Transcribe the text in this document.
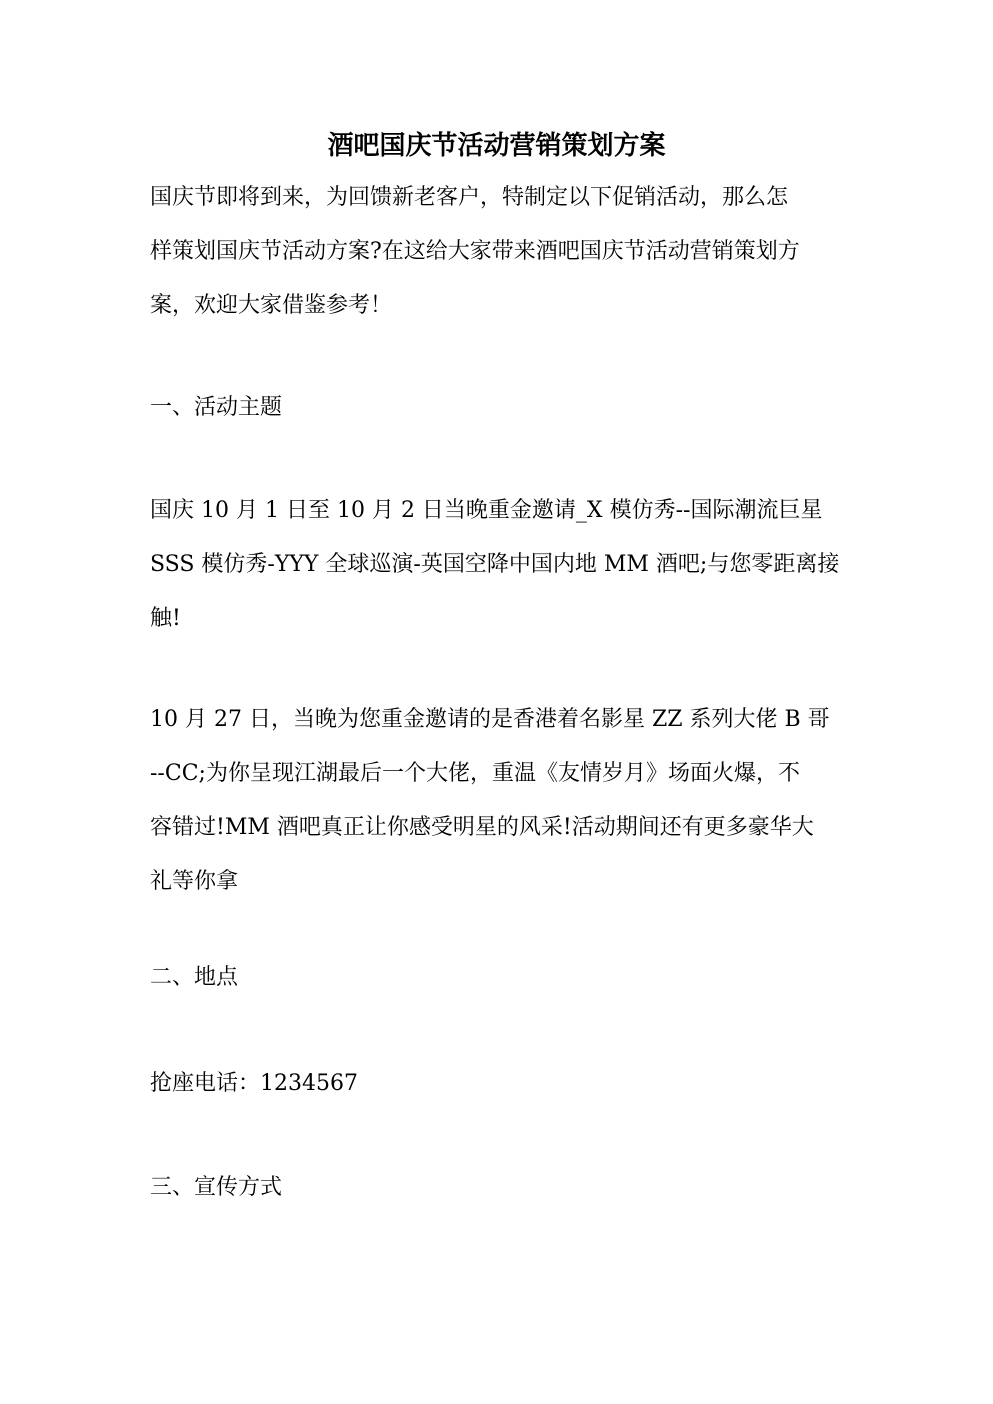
酒吧国庆节活动营销策划方案
国庆节即将到来，为回馈新老客户，特制定以下促销活动，那么怎
样策划国庆节活动方案?在这给大家带来酒吧国庆节活动营销策划方
案，欢迎大家借鉴参考！
一、活动主题
国庆 10 月 1 日至 10 月 2 日当晚重金邀请_X 模仿秀--国际潮流巨星
SSS 模仿秀-YYY 全球巡演-英国空降中国内地 MM 酒吧;与您零距离接
触!
10 月 27 日，当晚为您重金邀请的是香港着名影星 ZZ 系列大佬 B 哥
--CC;为你呈现江湖最后一个大佬，重温《友情岁月》场面火爆，不
容错过!MM 酒吧真正让你感受明星的风采!活动期间还有更多豪华大
礼等你拿
二、地点
抢座电话：1234567
三、宣传方式
